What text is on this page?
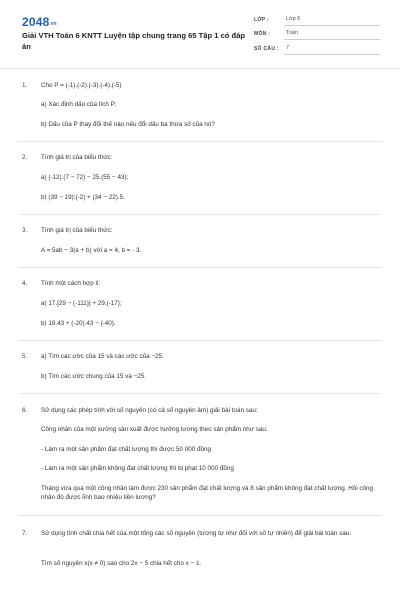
$2048_{vn}$
Giải VTH Toán 6 KNTT Luyện tập chung trang 65 Tập 1 có đáp án
LỚP :	Lớp 6
MÔN :	Toán
SỐ CÂU :	7
1. Cho P = (-1).(-2).(-3).(-4).(-5)
a) Xác định dấu của tích P;
b) Dấu của P thay đổi thế nào nếu đổi dấu ba thừa số của nó?
2. Tính giá trị của biểu thức:
a) (-12).(7 − 72) − 25.(55 − 43);
b) (39 − 19):(-2) + (34 − 22).5.
3. Tính giá trị của biểu thức:
A = 5ab − 3(a + b) với a = 4, b = - 3.
4. Tính một cách hợp lí:
a) 17.[29 − (-111)] + 29.(-17);
b) 19.43 + (-20).43 − (-40).
5. a) Tìm các ước của 15 và các ước của −25.
b) Tìm các ước chung của 15 và −25.
6. Sử dụng các phép tính với số nguyên (có cả số nguyên âm) giải bài toán sau:
Công nhân của một xưởng sản xuất được hưởng lương theo sản phẩm như sau:
- Làm ra một sản phẩm đạt chất lượng thì được 50 000 đồng
- Làm ra một sản phẩm không đạt chất lượng thì bị phạt 10 000 đồng
Tháng vừa qua một công nhân làm được 230 sản phẩm đạt chất lượng và 8 sản phẩm không đạt chất lượng. Hỏi công nhân đó được lĩnh bao nhiêu tiền lương?
7. Sử dụng tính chất chia hết của một tổng các số nguyên (tương tự như đối với số tự nhiên) để giải bài toán sau:
Tìm số nguyên x(x ≠ 0) sao cho 2x − 5 chia hết cho x − 1.
